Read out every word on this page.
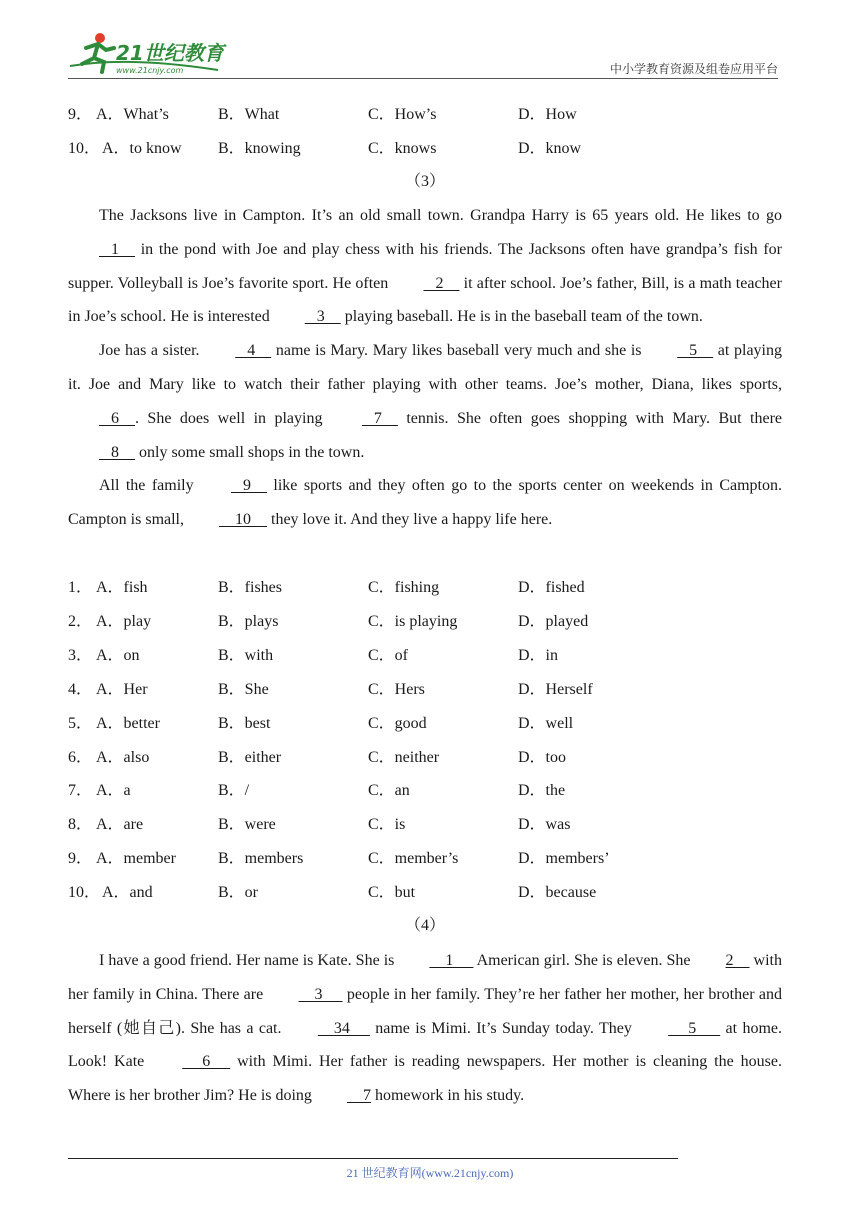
21世纪教育
www.21cnjy.com	中小学教育资源及组卷应用平台
9． A．What’s	B．What	C．How’s	D．How
10． A．to know B．knowing	C．knows	D．know
（3）

The Jacksons live in Campton. It’s an old small town. Grandpa Harry is 65 years old. He likes to go    1     in the pond with Joe and play chess with his friends. The Jacksons often have grandpa’s fish for supper. Volleyball is Joe’s favorite sport. He often    2     it after school. Joe’s father, Bill, is a math teacher in Joe’s school. He is interested    3     playing baseball. He is in the baseball team of the town.

Joe has a sister.    4     name is Mary. Mary likes baseball very much and she is    5     at playing it. Joe and Mary like to watch their father playing with other teams. Joe’s mother, Diana, likes sports,    6    . She does well in playing    7     tennis. She often goes shopping with Mary. But there    8     only some small shops in the town.

All the family    9     like sports and they often go to the sports center on weekends in Campton. Campton is small,     10     they love it. And they live a happy life here.

1． A．fish	B．fishes	C．fishing	D．fished
2． A．play	B．plays	C．is playing	D．played
3． A．on	B．with	C．of	D．in
4． A．Her	B．She	C．Hers	D．Herself
5． A．better	B．best	C．good	D．well
6． A．also	B．either	C．neither	D．too
7． A．a	B．/	C．an	D．the
8． A．are	B．were	C．is	D．was
9． A．member	B．members	C．member’s	D．members’
10． A．and	B．or	C．but	D．because
（4）

I have a good friend. Her name is Kate. She is     1      American girl. She is eleven. She 2     with her family in China. There are     3      people in her family. They’re her father her mother, her brother and herself (她自己). She has a cat.     34      name is Mimi. It’s Sunday today. They      5       at home. Look! Kate      6      with Mimi. Her father is reading newspapers. Her mother is cleaning the house. Where is her brother Jim? He is doing     7 homework in his study.

21 世纪教育网(www.21cnjy.com)
